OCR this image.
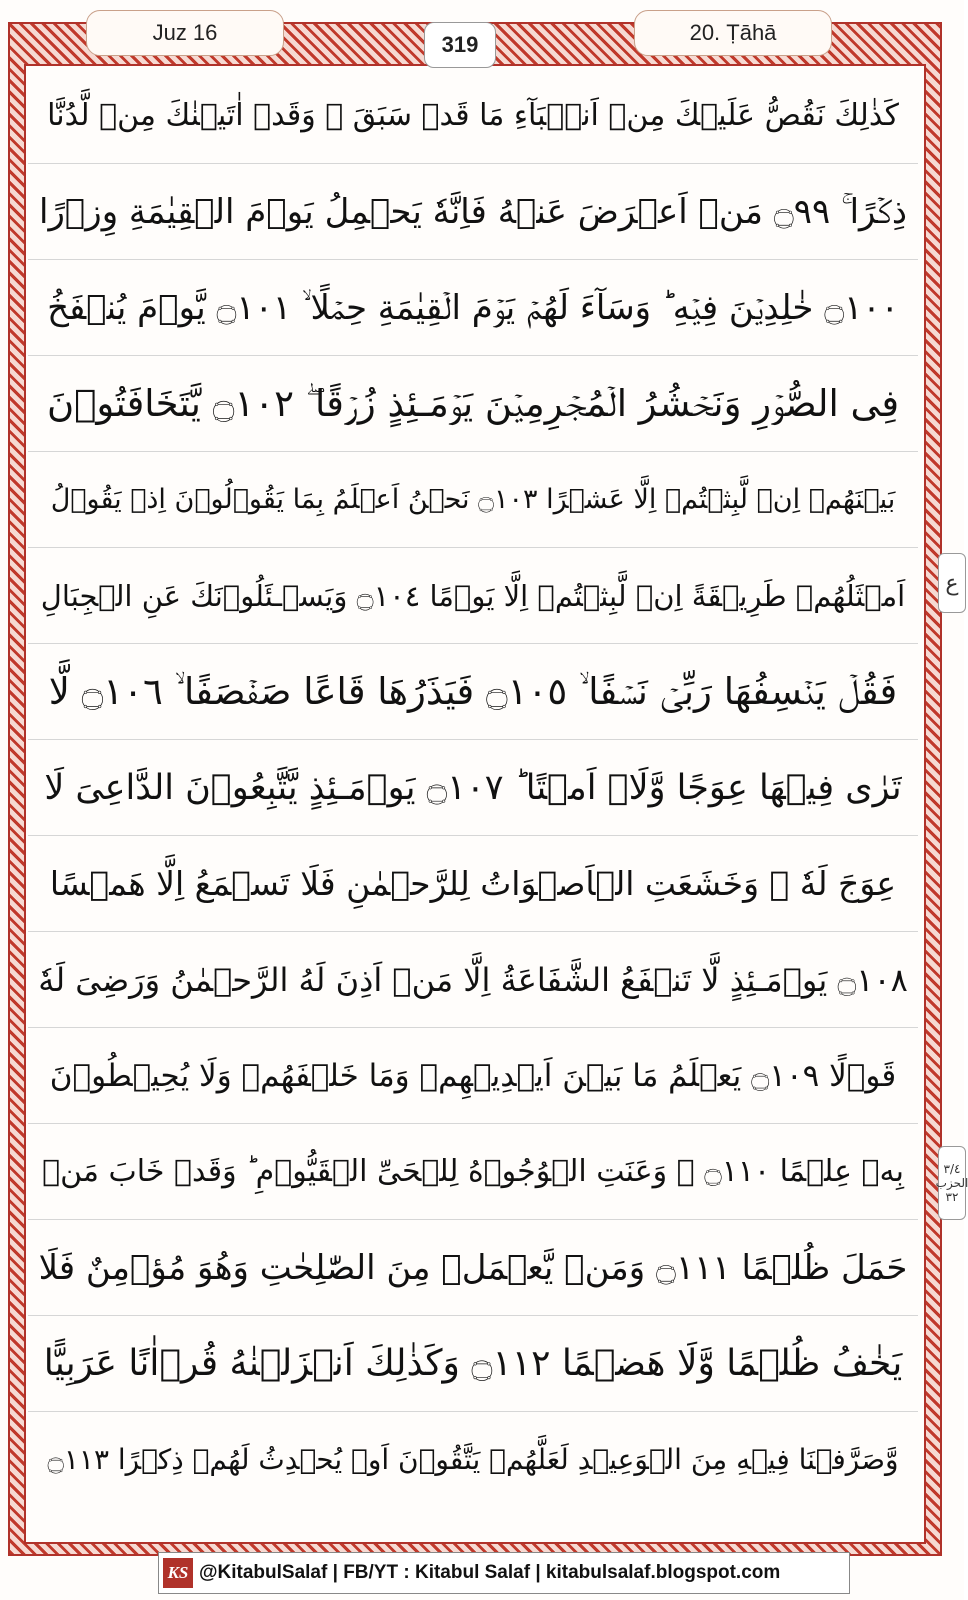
Juz 16	319	20. Ṭāhā
كَذٰلِكَ نَقُصُّ عَلَيۡكَ مِنۡ اَنۡۢبَآءِ مَا قَدۡ سَبَقَ ۚ وَقَدۡ اٰتَيۡنٰكَ مِنۡ لَّدُنَّا
ذِكۡرًا ۚ ۝٩٩ مَنۡ اَعۡرَضَ عَنۡهُ فَاِنَّهٗ يَحۡمِلُ يَوۡمَ الۡقِيٰمَةِ وِزۡرًا
۝١٠٠ خٰلِدِيۡنَ فِيۡهِ ؕ وَسَآءَ لَهُمۡ يَوۡمَ الۡقِيٰمَةِ حِمۡلًا ۙ ۝١٠١ يَّوۡمَ يُنۡفَخُ
فِى الصُّوۡرِ وَنَحۡشُرُ الۡمُجۡرِمِيۡنَ يَوۡمَـئِذٍ زُرۡقًا ۖ ۝١٠٢ يَّتَخَافَتُوۡنَ
بَيۡنَهُمۡ اِنۡ لَّبِثۡتُمۡ اِلَّا عَشۡرًا ۝١٠٣ نَحۡنُ اَعۡلَمُ بِمَا يَقُوۡلُوۡنَ اِذۡ يَقُوۡلُ
اَمۡثَلُهُمۡ طَرِيۡقَةً اِنۡ لَّبِثۡتُمۡ اِلَّا يَوۡمًا ۝١٠٤ وَيَسۡـئَلُوۡنَكَ عَنِ الۡجِبَالِ
فَقُلۡ يَنۡسِفُهَا رَبِّىۡ نَسۡفًا ۙ ۝١٠٥ فَيَذَرُهَا قَاعًا صَفۡصَفًا ۙ ۝١٠٦ لَّا
تَرٰى فِيۡهَا عِوَجًا وَّلَاۤ اَمۡتًا ؕ ۝١٠٧ يَوۡمَـئِذٍ يَّتَّبِعُوۡنَ الدَّاعِىَ لَا
عِوَجَ لَهٗ ۚ وَخَشَعَتِ الۡاَصۡوَاتُ لِلرَّحۡمٰنِ فَلَا تَسۡمَعُ اِلَّا هَمۡسًا
۝١٠٨ يَوۡمَـئِذٍ لَّا تَنۡفَعُ الشَّفَاعَةُ اِلَّا مَنۡ اَذِنَ لَهُ الرَّحۡمٰنُ وَرَضِىَ لَهٗ
قَوۡلًا ۝١٠٩ يَعۡلَمُ مَا بَيۡنَ اَيۡدِيۡهِمۡ وَمَا خَلۡفَهُمۡ وَلَا يُحِيۡطُوۡنَ
بِهٖ عِلۡمًا ۝١١٠ ۞ وَعَنَتِ الۡوُجُوۡهُ لِلۡحَىِّ الۡقَيُّوۡمِ ؕ وَقَدۡ خَابَ مَنۡ
حَمَلَ ظُلۡمًا ۝١١١ وَمَنۡ يَّعۡمَلۡ مِنَ الصّٰلِحٰتِ وَهُوَ مُؤۡمِنٌ فَلَا
يَخٰفُ ظُلۡمًا وَّلَا هَضۡمًا ۝١١٢ وَكَذٰلِكَ اَنۡزَلۡنٰهُ قُرۡاٰنًا عَرَبِيًّا
وَّصَرَّفۡنَا فِيۡهِ مِنَ الۡوَعِيۡدِ لَعَلَّهُمۡ يَتَّقُوۡنَ اَوۡ يُحۡدِثُ لَهُمۡ ذِكۡرًا ۝١١٣
ع
٣/٤
الحزب
٣٢
KS @KitabulSalaf | FB/YT : Kitabul Salaf | kitabulsalaf.blogspot.com
